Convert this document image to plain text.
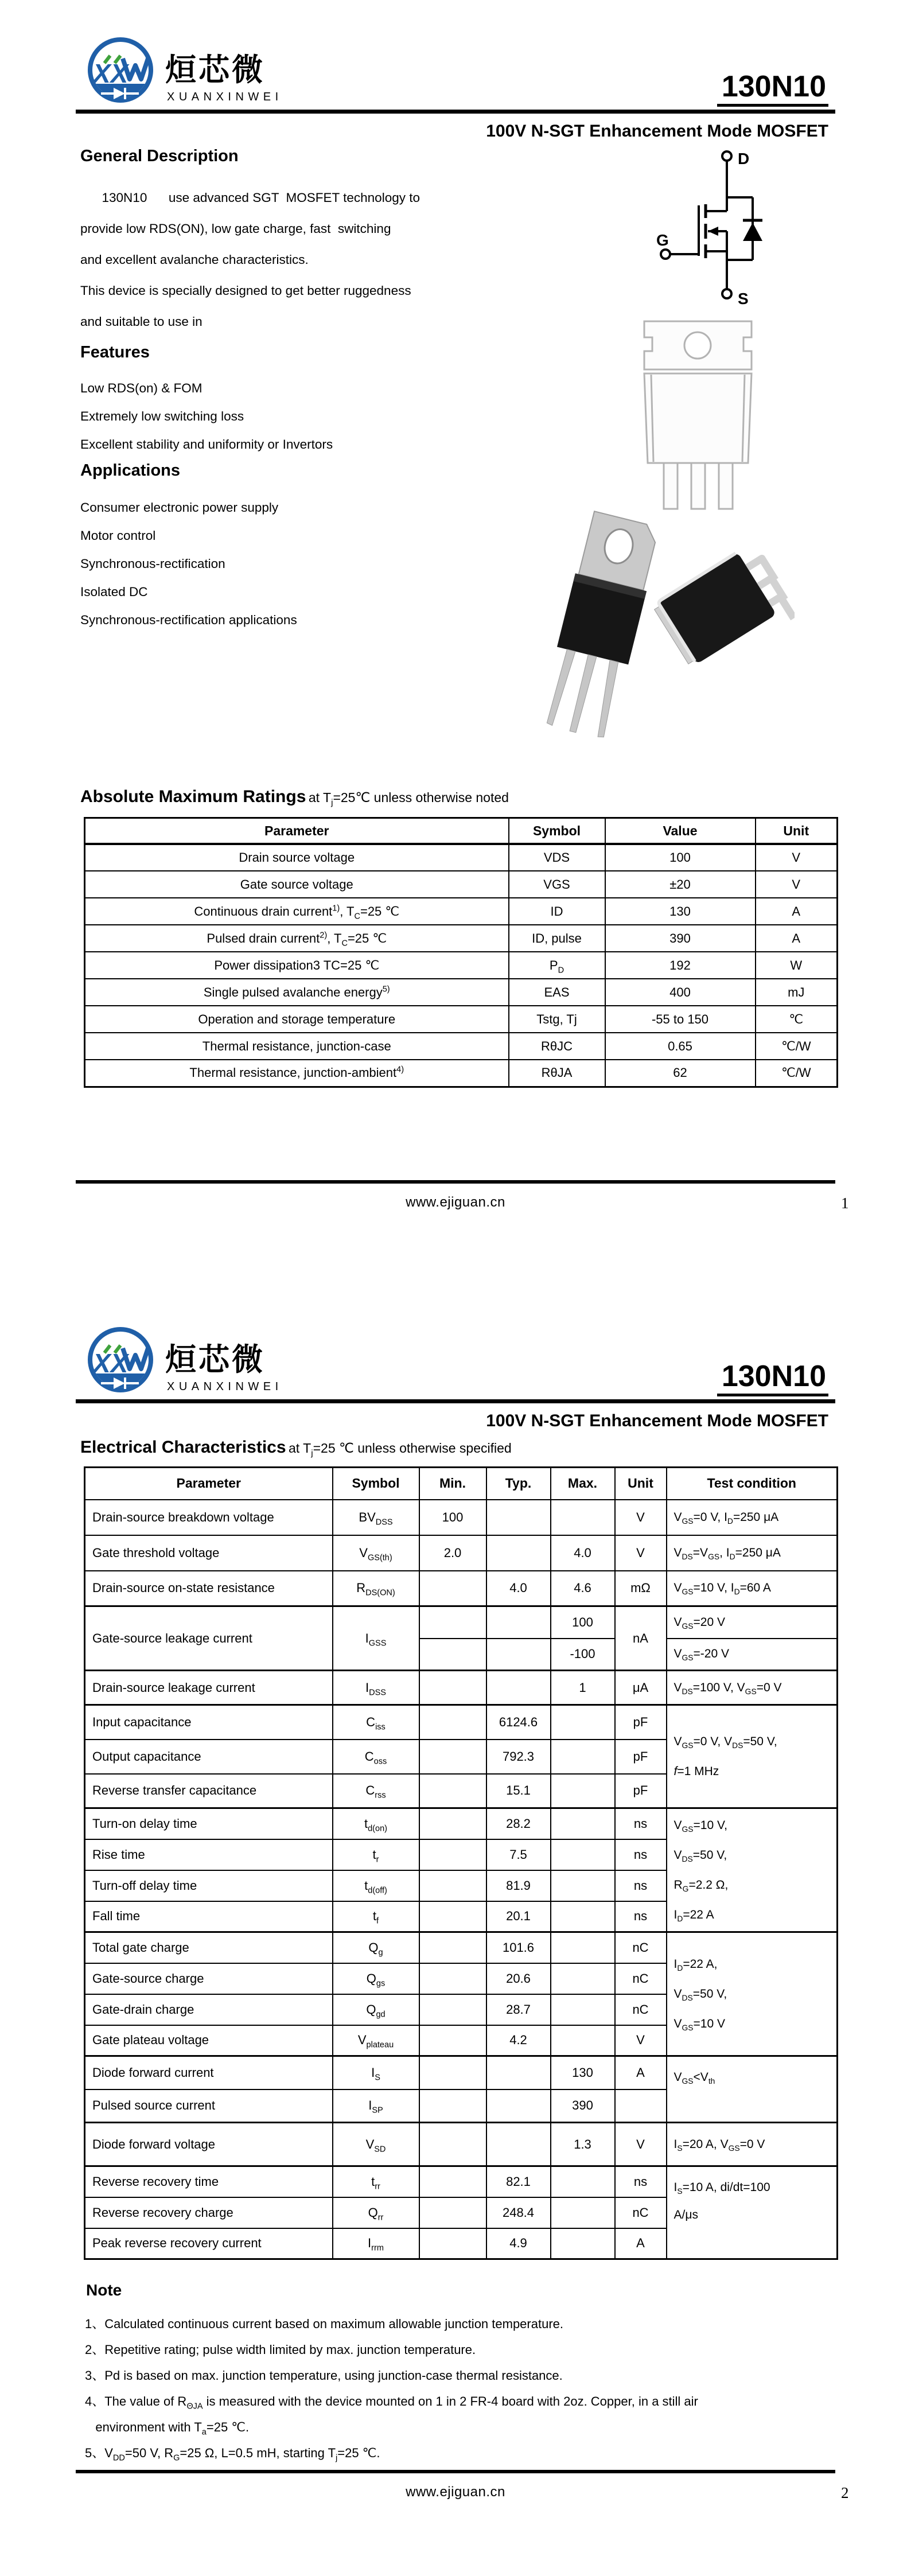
烜芯微
XUANXINWEI	130N10
100V N-SGT Enhancement Mode MOSFET
General Description
130N10      use advanced SGT  MOSFET technology to
provide low RDS(ON), low gate charge, fast  switching
and excellent avalanche characteristics.
This device is specially designed to get better ruggedness
and suitable to use in
Features
Low RDS(on) & FOM
Extremely low switching loss
Excellent stability and uniformity or Invertors
Applications
Consumer electronic power supply
Motor control
Synchronous-rectification
Isolated DC
Synchronous-rectification applications
D
G
S
Absolute Maximum Ratings at $T_j=25℃$ unless otherwise noted
Parameter	Symbol	Value	Unit
Drain source voltage	VDS	100	V
Gate source voltage	VGS	±20	V
Continuous drain current$^{1)}$, $T_C=25$ ℃	ID	130	A
Pulsed drain current$^{2)}$, $T_C=25$ ℃	ID, pulse	390	A
Power dissipation3 TC=25 ℃	$P_D$	192	W
Single pulsed avalanche energy$^{5)}$	EAS	400	mJ
Operation and storage temperature	Tstg, Tj	-55 to 150	℃
Thermal resistance, junction-case	RθJC	0.65	℃/W
Thermal resistance, junction-ambient$^{4)}$	RθJA	62	℃/W
www.ejiguan.cn	1
烜芯微
XUANXINWEI	130N10
100V N-SGT Enhancement Mode MOSFET
Electrical Characteristics at $T_j=25$ ℃ unless otherwise specified
Parameter	Symbol	Min.	Typ.	Max.	Unit	Test condition
Drain-source breakdown voltage	$BV_{DSS}$	100			V	$V_{GS}=0$ V, $I_D=250$ μA
Gate threshold voltage	$V_{GS(th)}$	2.0		4.0	V	$V_{DS}=V_{GS}$, $I_D=250$ μA
Drain-source on-state resistance	$R_{DS(ON)}$		4.0	4.6	mΩ	$V_{GS}=10$ V, $I_D=60$ A
Gate-source leakage current	$I_{GSS}$			100	nA	$V_{GS}=20$ V
				-100		$V_{GS}=-20$ V
Drain-source leakage current	$I_{DSS}$			1	μA	$V_{DS}=100$ V, $V_{GS}=0$ V
Input capacitance	$C_{iss}$		6124.6		pF	$V_{GS}=0$ V, $V_{DS}=50$ V,
f=1 MHz
Output capacitance	$C_{oss}$		792.3		pF	
Reverse transfer capacitance	$C_{rss}$		15.1		pF	
Turn-on delay time	$t_{d(on)}$		28.2		ns	$V_{GS}=10$ V,
$V_{DS}=50$ V,
$R_G=2.2$ Ω,
$I_D=22$ A
Rise time	$t_r$		7.5		ns	
Turn-off delay time	$t_{d(off)}$		81.9		ns	
Fall time	$t_f$		20.1		ns	
Total gate charge	$Q_g$		101.6		nC	$I_D=22$ A,
$V_{DS}=50$ V,
$V_{GS}=10$ V
Gate-source charge	$Q_{gs}$		20.6		nC	
Gate-drain charge	$Q_{gd}$		28.7		nC	
Gate plateau voltage	$V_{plateau}$		4.2		V	
Diode forward current	$I_S$			130	A	$V_{GS}<V_{th}$
Pulsed source current	$I_{SP}$			390		
Diode forward voltage	$V_{SD}$			1.3	V	$I_S=20$ A, $V_{GS}=0$ V
Reverse recovery time	$t_{rr}$		82.1		ns	$I_S=10$ A, di/dt=100
A/μs
Reverse recovery charge	$Q_{rr}$		248.4		nC	
Peak reverse recovery current	$I_{rrm}$		4.9		A	
Note
1、Calculated continuous current based on maximum allowable junction temperature.
2、Repetitive rating; pulse width limited by max. junction temperature.
3、Pd is based on max. junction temperature, using junction-case thermal resistance.
4、The value of $R_{\Theta JA}$ is measured with the device mounted on 1 in 2 FR-4 board with 2oz. Copper, in a still air
environment with $T_a=25$ ℃.
5、$V_{DD}=50$ V, $R_G=25$ Ω, L=0.5 mH, starting $T_j=25$ ℃.
www.ejiguan.cn	2
